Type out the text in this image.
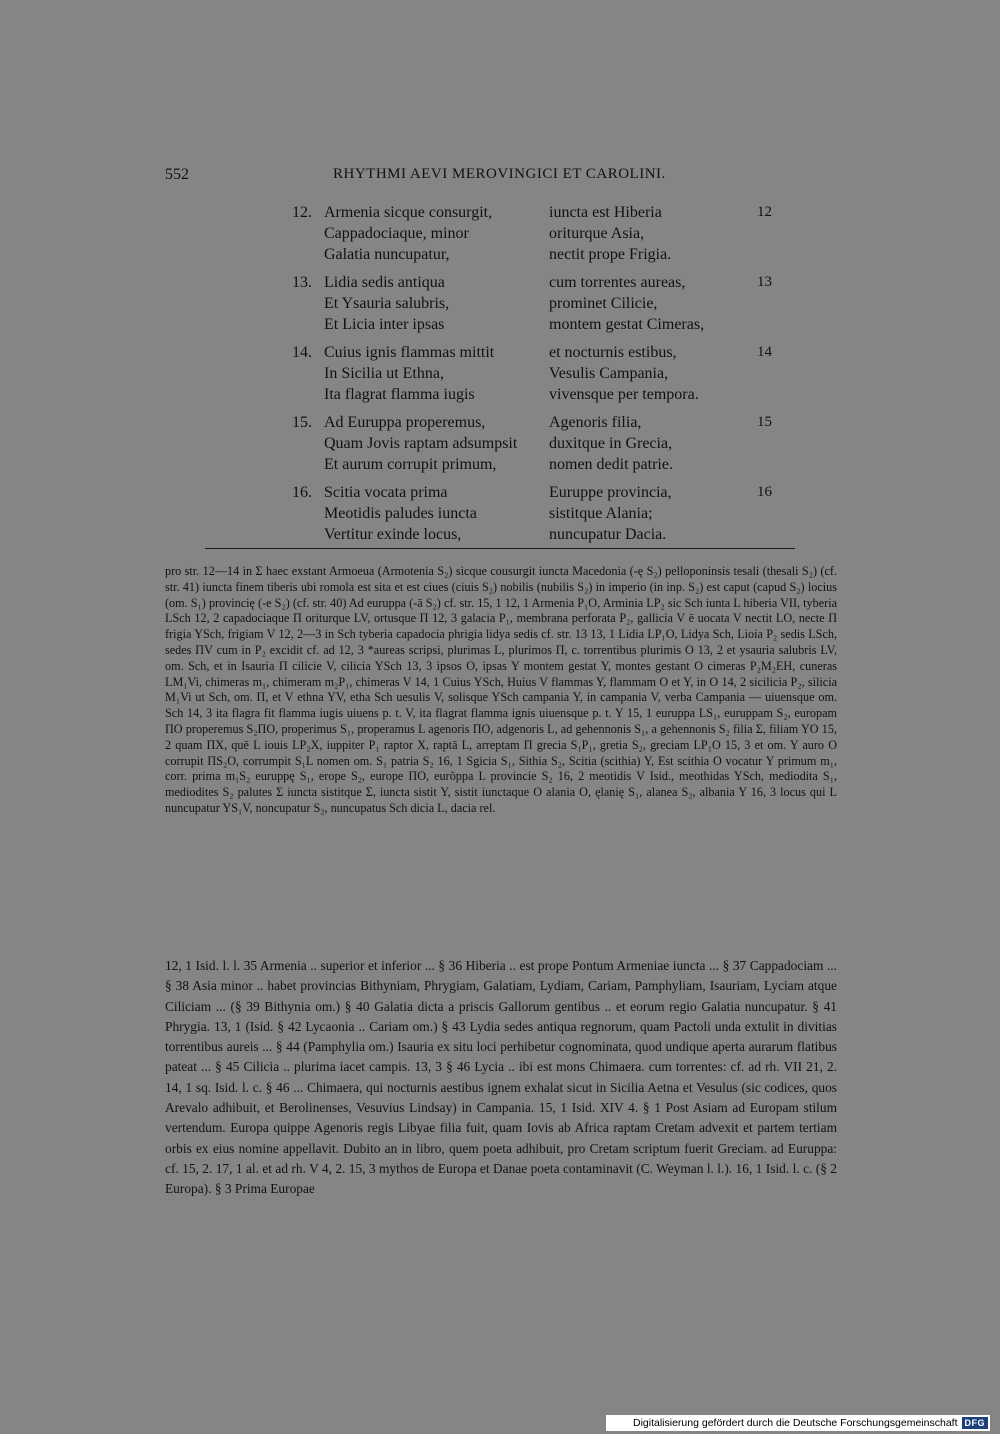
552	RHYTHMI AEVI MEROVINGICI ET CAROLINI.
12. Armenia sicque consurgit,
Cappadociaque, minor
Galatia nuncupatur,
iuncta est Hiberia
oriturque Asia,
nectit prope Frigia.
12
13. Lidia sedis antiqua
Et Ysauria salubris,
Et Licia inter ipsas
cum torrentes aureas,
prominet Cilicie,
montem gestat Cimeras,
13
14. Cuius ignis flammas mittit
In Sicilia ut Ethna,
Ita flagrat flamma iugis
et nocturnis estibus,
Vesulis Campania,
vivensque per tempora.
14
15. Ad Euruppa properemus,
Quam Jovis raptam adsumpsit
Et aurum corrupit primum,
Agenoris filia,
duxitque in Grecia,
nomen dedit patrie.
15
16. Scitia vocata prima
Meotidis paludes iuncta
Vertitur exinde locus,
Euruppe provincia,
sistitque Alania;
nuncupatur Dacia.
16
pro str. 12—14 in Σ haec exstant Armoeua (Armotenia S₂) sicque cousurgit iuncta Macedonia (-ę S₂) pelloponinsis tesali (thesali S₂) (cf. str. 41) iuncta finem tiberis ubi romola est sita et est ciues (ciuis S₂) nobilis (nubilis S₂) in imperio (in inp. S₂) est caput (capud S₂) locius (om. S₁) provincię (-e S₂) (cf. str. 40) Ad euruppa (-ā S₂) cf. str. 15, 1 12, 1 Armenia P₁O, Arminia LP₂ sic Sch iunta L hiberia VII, tyberia LSch 12, 2 capadociaque Π oriturque LV, ortusque Π 12, 3 galacia P₁, membrana perforata P₂, gallicia V ē uocata V nectit LO, necte Π frigia YSch, frigiam V 12, 2—3 in Sch tyberia capadocia phrigia lidya sedis cf. str. 13 13, 1 Lidia LP₁O, Lidya Sch, Lioia P₂ sedis LSch, sedes ΠV cum in P₂ excidit cf. ad 12, 3 *aureas scripsi, plurimas L, plurimos Π, c. torrentibus plurimis O 13, 2 et ysauria salubris LV, om. Sch, et in Isauria Π cilicie V, cilicia YSch 13, 3 ipsos O, ipsas Y montem gestat Y, montes gestant O cimeras P₂M₂EH, cuneras LM₁Vi, chimeras m₁, chimeram m₂P₁, chimeras V 14, 1 Cuius YSch, Huius V flammas Y, flammam O et Y, in O 14, 2 sicilicia P₂, silicia M₁Vi ut Sch, om. Π, et V ethna YV, etha Sch uesulis V, solisque YSch campania Y, in campania V, verba Campania — uiuensque om. Sch 14, 3 ita flagra fit flamma iugis uiuens p. t. V, ita flagrat flamma ignis uiuensque p. t. Y 15, 1 euruppa LS₁, euruppam S₂, europam ΠO properemus S₂ΠO, properimus S₁, properamus L agenoris ΠO, adgenoris L, ad gehennonis S₁, a gehennonis S₂ filia Σ, filiam YO 15, 2 quam ΠX, quē L iouis LP₂X, iuppiter P₁ raptor X, raptā L, arreptam Π grecia S₁P₁, gretia S₂, greciam LP₁O 15, 3 et om. Y auro O corrupit ΠS₂O, corrumpit S₁L nomen om. S₁ patria S₂ 16, 1 Sgicia S₁, Sithia S₂, Scitia (scithia) Y, Est scithia O vocatur Y primum m₁, corr. prima m₁S₂ euruppę S₁, erope S₂, europe ΠO, eurŏppa L provincie S₂ 16, 2 meotidis V Isid., meothidas YSch, mediodita S₁, mediodites S₂ palutes Σ iuncta sistitque Σ, iuncta sistit Y, sistit iunctaque O alania O, ęlanię S₁, alanea S₂, albania Y 16, 3 locus qui L nuncupatur YS₁V, noncupatur S₂, nuncupatus Sch dicia L, dacia rel.
12, 1 Isid. l. l. 35 Armenia .. superior et inferior ... § 36 Hiberia .. est prope Pontum Armeniae iuncta ... § 37 Cappadociam ... § 38 Asia minor .. habet provincias Bithyniam, Phrygiam, Galatiam, Lydiam, Cariam, Pamphyliam, Isauriam, Lyciam atque Ciliciam ... (§ 39 Bithynia om.) § 40 Galatia dicta a priscis Gallorum gentibus .. et eorum regio Galatia nuncupatur. § 41 Phrygia. 13, 1 (Isid. § 42 Lycaonia .. Cariam om.) § 43 Lydia sedes antiqua regnorum, quam Pactoli unda extulit in divitias torrentibus aureis ... § 44 (Pamphylia om.) Isauria ex situ loci perhibetur cognominata, quod undique aperta aurarum flatibus pateat ... § 45 Cilicia .. plurima iacet campis. 13, 3 § 46 Lycia .. ibi est mons Chimaera. cum torrentes: cf. ad rh. VII 21, 2. 14, 1 sq. Isid. l. c. § 46 ... Chimaera, qui nocturnis aestibus ignem exhalat sicut in Sicilia Aetna et Vesulus (sic codices, quos Arevalo adhibuit, et Berolinenses, Vesuvius Lindsay) in Campania. 15, 1 Isid. XIV 4. § 1 Post Asiam ad Europam stilum vertendum. Europa quippe Agenoris regis Libyae filia fuit, quam Iovis ab Africa raptam Cretam advexit et partem tertiam orbis ex eius nomine appellavit. Dubito an in libro, quem poeta adhibuit, pro Cretam scriptum fuerit Greciam. ad Euruppa: cf. 15, 2. 17, 1 al. et ad rh. V 4, 2. 15, 3 mythos de Europa et Danae poeta contaminavit (C. Weyman l. l.). 16, 1 Isid. l. c. (§ 2 Europa). § 3 Prima Europae
Digitalisierung gefördert durch die Deutsche Forschungsgemeinschaft DFG
